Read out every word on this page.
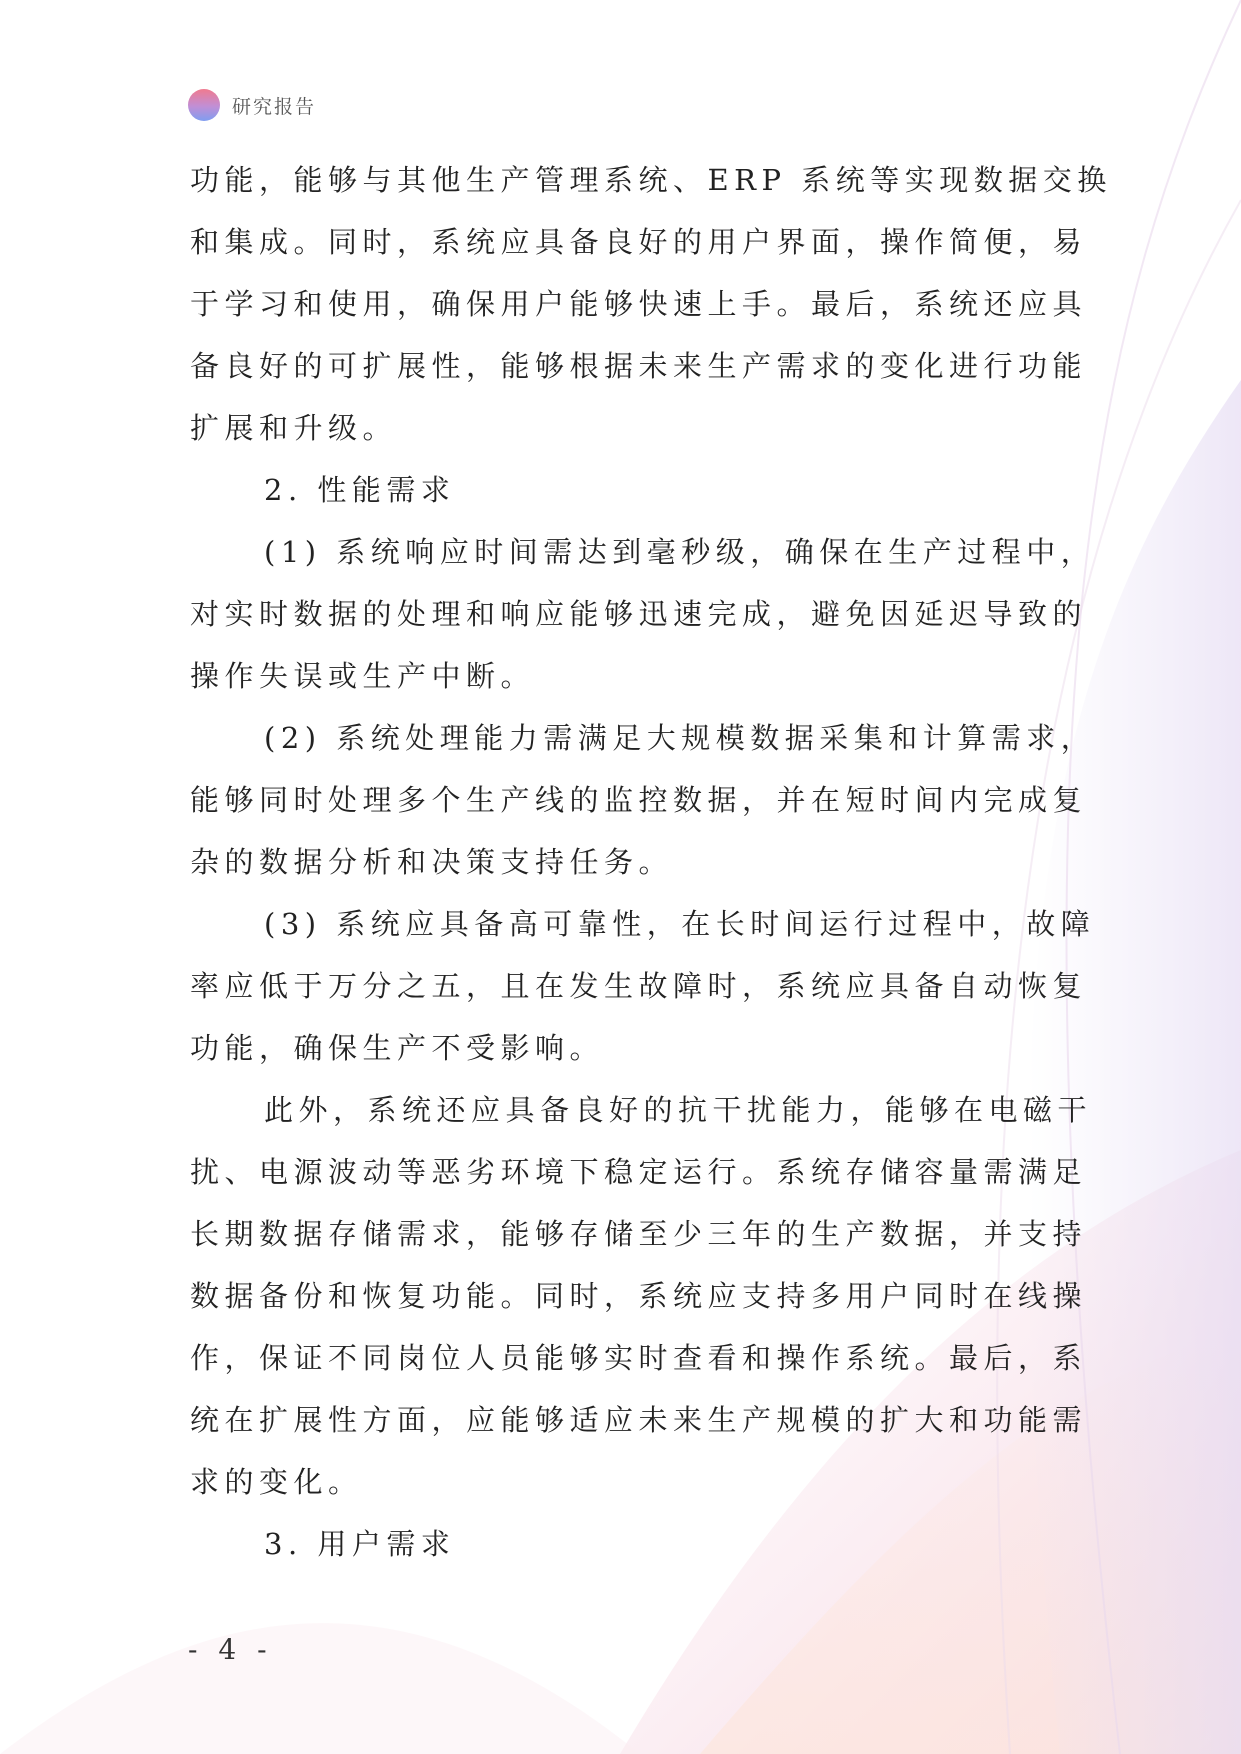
研究报告
功能，能够与其他生产管理系统、ERP 系统等实现数据交换
和集成。同时，系统应具备良好的用户界面，操作简便，易
于学习和使用，确保用户能够快速上手。最后，系统还应具
备良好的可扩展性，能够根据未来生产需求的变化进行功能
扩展和升级。
2. 性能需求
(1) 系统响应时间需达到毫秒级，确保在生产过程中，
对实时数据的处理和响应能够迅速完成，避免因延迟导致的
操作失误或生产中断。
(2) 系统处理能力需满足大规模数据采集和计算需求，
能够同时处理多个生产线的监控数据，并在短时间内完成复
杂的数据分析和决策支持任务。
(3) 系统应具备高可靠性，在长时间运行过程中，故障
率应低于万分之五，且在发生故障时，系统应具备自动恢复
功能，确保生产不受影响。
此外，系统还应具备良好的抗干扰能力，能够在电磁干
扰、电源波动等恶劣环境下稳定运行。系统存储容量需满足
长期数据存储需求，能够存储至少三年的生产数据，并支持
数据备份和恢复功能。同时，系统应支持多用户同时在线操
作，保证不同岗位人员能够实时查看和操作系统。最后，系
统在扩展性方面，应能够适应未来生产规模的扩大和功能需
求的变化。
3. 用户需求
- 4 -
